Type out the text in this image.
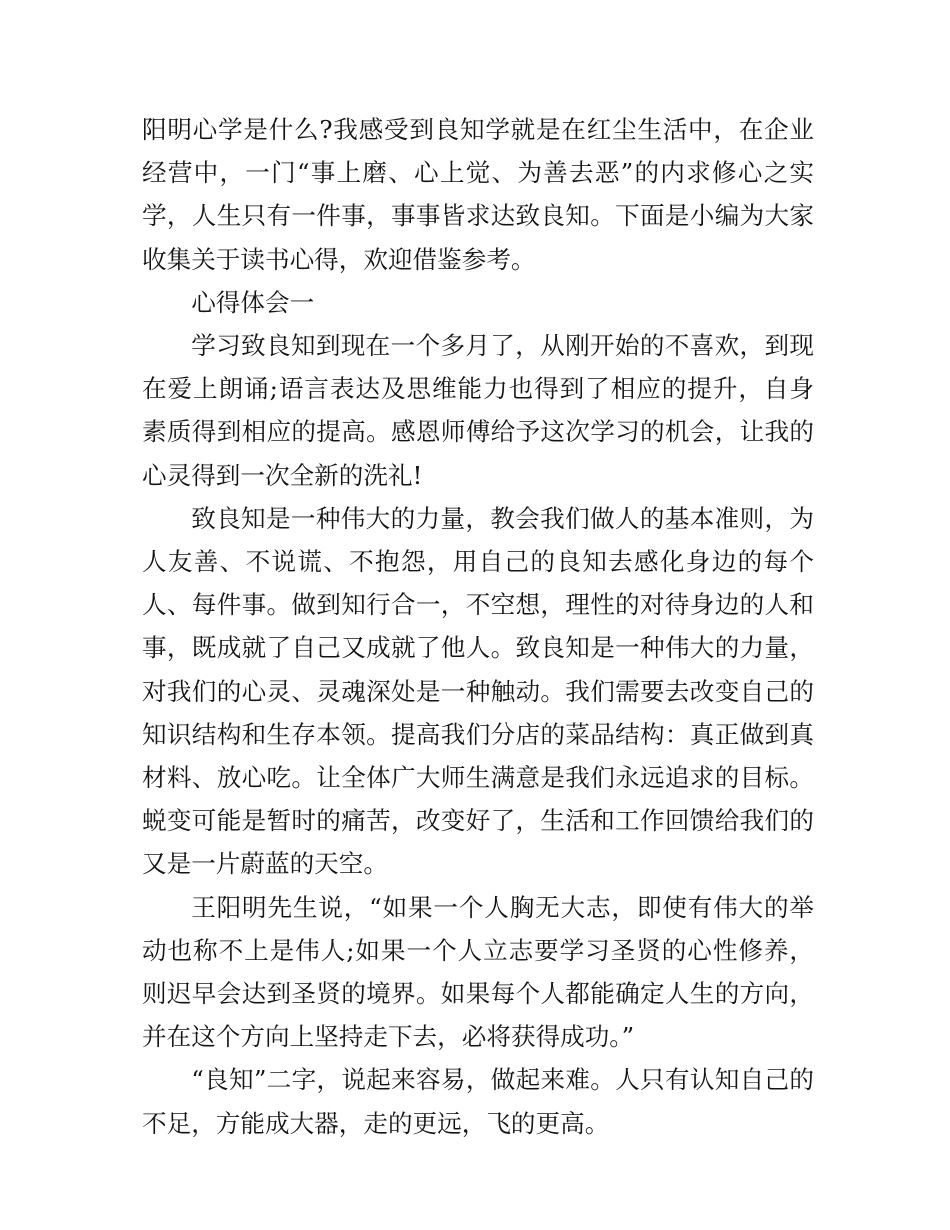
阳明心学是什么?我感受到良知学就是在红尘生活中，在企业经营中，一门“事上磨、心上觉、为善去恶”的内求修心之实学，人生只有一件事，事事皆求达致良知。下面是小编为大家收集关于读书心得，欢迎借鉴参考。

心得体会一

学习致良知到现在一个多月了，从刚开始的不喜欢，到现在爱上朗诵;语言表达及思维能力也得到了相应的提升，自身素质得到相应的提高。感恩师傅给予这次学习的机会，让我的心灵得到一次全新的洗礼!

致良知是一种伟大的力量，教会我们做人的基本准则，为人友善、不说谎、不抱怨，用自己的良知去感化身边的每个人、每件事。做到知行合一，不空想，理性的对待身边的人和事，既成就了自己又成就了他人。致良知是一种伟大的力量，对我们的心灵、灵魂深处是一种触动。我们需要去改变自己的知识结构和生存本领。提高我们分店的菜品结构：真正做到真材料、放心吃。让全体广大师生满意是我们永远追求的目标。蜕变可能是暂时的痛苦，改变好了，生活和工作回馈给我们的又是一片蔚蓝的天空。

王阳明先生说，“如果一个人胸无大志，即使有伟大的举动也称不上是伟人;如果一个人立志要学习圣贤的心性修养，则迟早会达到圣贤的境界。如果每个人都能确定人生的方向，并在这个方向上坚持走下去，必将获得成功。”

“良知”二字，说起来容易，做起来难。人只有认知自己的不足，方能成大器，走的更远，飞的更高。
